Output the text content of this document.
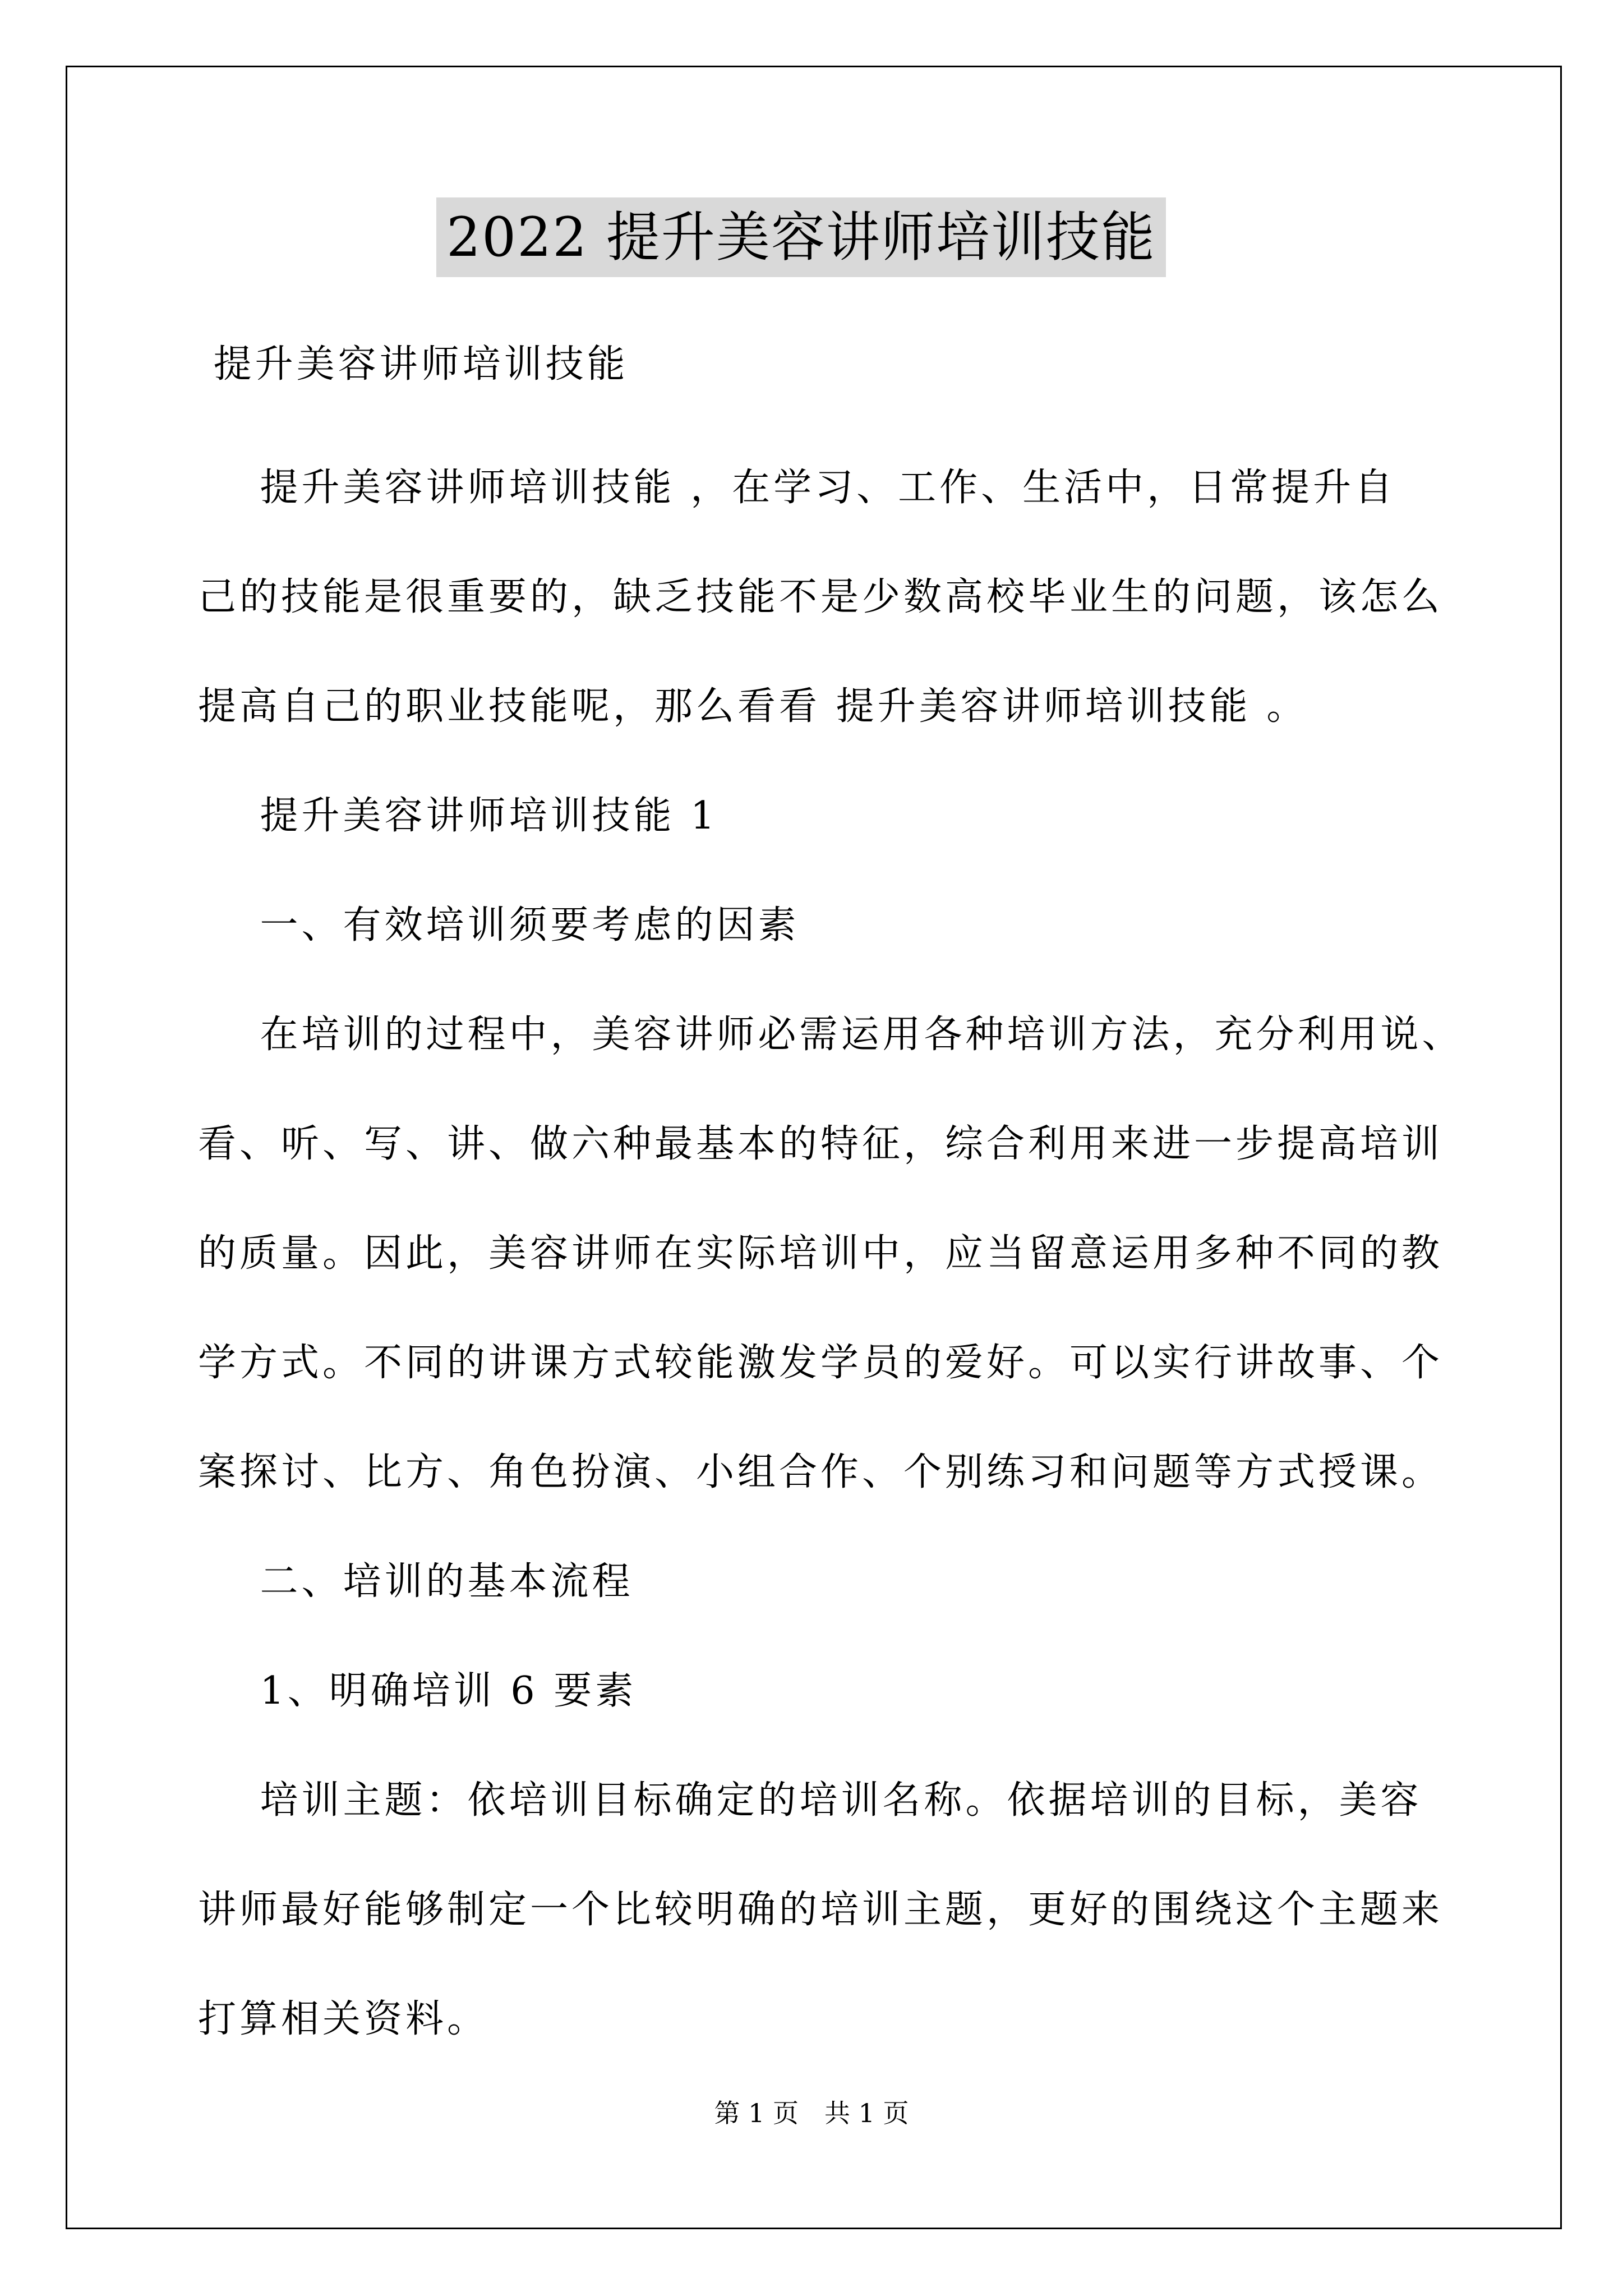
2022 提升美容讲师培训技能
提升美容讲师培训技能
提升美容讲师培训技能 ，在学习、工作、生活中，日常提升自
己的技能是很重要的，缺乏技能不是少数高校毕业生的问题，该怎么
提高自己的职业技能呢，那么看看 提升美容讲师培训技能 。
提升美容讲师培训技能 1
一、有效培训须要考虑的因素
在培训的过程中，美容讲师必需运用各种培训方法，充分利用说、
看、听、写、讲、做六种最基本的特征，综合利用来进一步提高培训
的质量。因此，美容讲师在实际培训中，应当留意运用多种不同的教
学方式。不同的讲课方式较能激发学员的爱好。可以实行讲故事、个
案探讨、比方、角色扮演、小组合作、个别练习和问题等方式授课。
二、培训的基本流程
1、明确培训 6 要素
培训主题：依培训目标确定的培训名称。依据培训的目标，美容
讲师最好能够制定一个比较明确的培训主题，更好的围绕这个主题来
打算相关资料。
第 1 页　共 1 页
